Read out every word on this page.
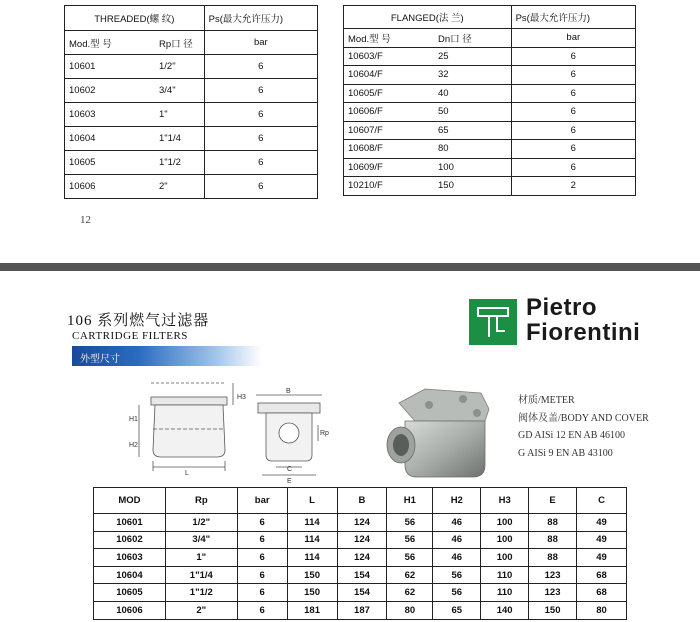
THREADED(螺 纹)	Ps(最大允许压力)
Mod.型 号 Rp口 径	bar
10601 1/2"	6
10602 3/4"	6
10603 1"	6
10604 1"1/4	6
10605 1"1/2	6
10606 2"	6
FLANGED(法 兰)	Ps(最大允许压力)
Mod.型 号 Dn口 径	bar
10603/F 25	6
10604/F 32	6
10605/F 40	6
10606/F 50	6
10607/F 65	6
10608/F 80	6
10609/F 100	6
10210/F 150	2
12
106 系列燃气过滤器
CARTRIDGE FILTERS
外型尺寸
Pietro
Fiorentini
H3
H1
H2
L
B
Rp
C
E
材质/METER
阀体及盖/BODY AND COVER
GD AISi 12 EN AB 46100
G AISi 9 EN AB 43100
MOD	Rp	bar	L	B	H1	H2	H3	E	C
10601	1/2"	6	114	124	56	46	100	88	49
10602	3/4"	6	114	124	56	46	100	88	49
10603	1"	6	114	124	56	46	100	88	49
10604	1"1/4	6	150	154	62	56	110	123	68
10605	1"1/2	6	150	154	62	56	110	123	68
10606	2"	6	181	187	80	65	140	150	80
